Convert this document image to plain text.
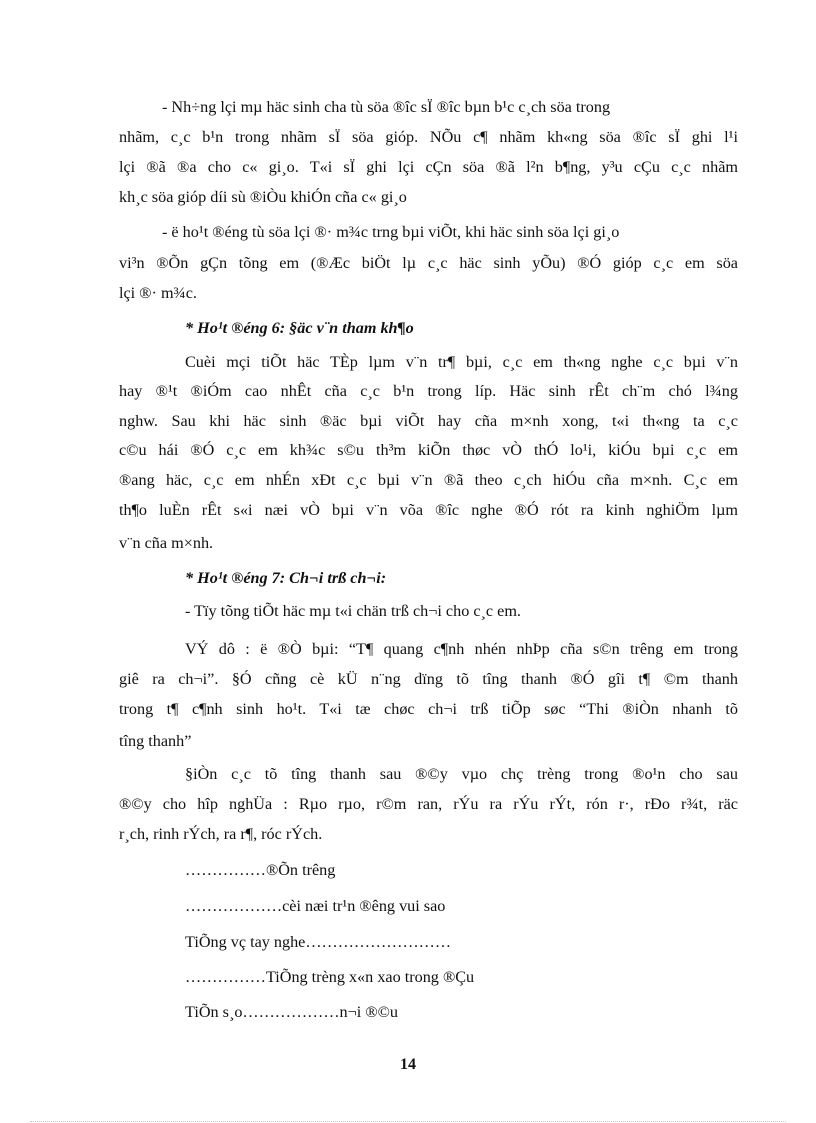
- Nh÷ng lçi mµ häc sinh cha tù söa ®îc sÏ ®îc bµn b¹c c¸ch söa trong
nhãm, c¸c b¹n trong nhãm sÏ söa gióp. NÕu c¶ nhãm kh«ng söa ®îc sÏ ghi l¹i
lçi ®ã ®a cho c« gi¸o. T«i sÏ ghi lçi cÇn söa ®ã l²n b¶ng, y³u cÇu c¸c nhãm
kh¸c söa gióp díi sù ®iÒu khiÓn cña c« gi¸o
- ë ho¹t ®éng tù söa lçi ®· m¾c trng bµi viÕt, khi häc sinh söa lçi gi¸o
vi³n ®Õn gÇn tõng em (®Æc biÖt lµ c¸c häc sinh yÕu) ®Ó gióp c¸c em söa
lçi ®· m¾c.
* Ho¹t ®éng 6: §äc v¨n tham kh¶o
Cuèi mçi tiÕt häc TÈp lµm v¨n tr¶ bµi, c¸c em th«ng nghe c¸c bµi v¨n
hay ®¹t ®iÓm cao nhÊt cña c¸c b¹n trong líp. Häc sinh rÊt ch¨m chó l¾ng
nghw. Sau khi häc sinh ®äc bµi viÕt hay cña m×nh xong, t«i th«ng ta c¸c
c©u hái ®Ó c¸c em kh¾c s©u th³m kiÕn thøc vÒ thÓ lo¹i, kiÓu bµi c¸c em
®ang häc, c¸c em nhÉn xÐt c¸c bµi v¨n ®ã theo c¸ch hiÓu cña m×nh. C¸c em
th¶o luÈn rÊt s«i næi vÒ bµi v¨n võa ®îc nghe ®Ó rót ra kinh nghiÖm lµm
v¨n cña m×nh.
* Ho¹t ®éng 7: Ch¬i trß ch¬i:
- Tïy tõng tiÕt häc mµ t«i chän trß ch¬i cho c¸c em.
VÝ dô : ë ®Ò bµi: “T¶ quang c¶nh nhén nhÞp cña s©n trêng em trong
giê ra ch¬i”. §Ó cñng cè kÜ n¨ng dïng tõ tîng thanh ®Ó gîi t¶ ©m thanh
trong t¶ c¶nh sinh ho¹t. T«i tæ chøc ch¬i trß tiÕp søc “Thi ®iÒn nhanh tõ
tîng thanh”
§iÒn c¸c tõ tîng thanh sau ®©y vµo chç trèng trong ®o¹n cho sau
®©y cho hîp nghÜa : Rµo rµo, r©m ran, rÝu ra rÝu rÝt, rón r·, rÐo r¾t, räc
r¸ch, rinh rÝch, ra r¶, róc rÝch.
……………®Õn trêng
………………cèi næi tr¹n ®êng vui sao
TiÕng vç tay nghe………………………
……………TiÕng trèng x«n xao trong ®Çu
TiÕn s¸o………………n¬i ®©u
14
